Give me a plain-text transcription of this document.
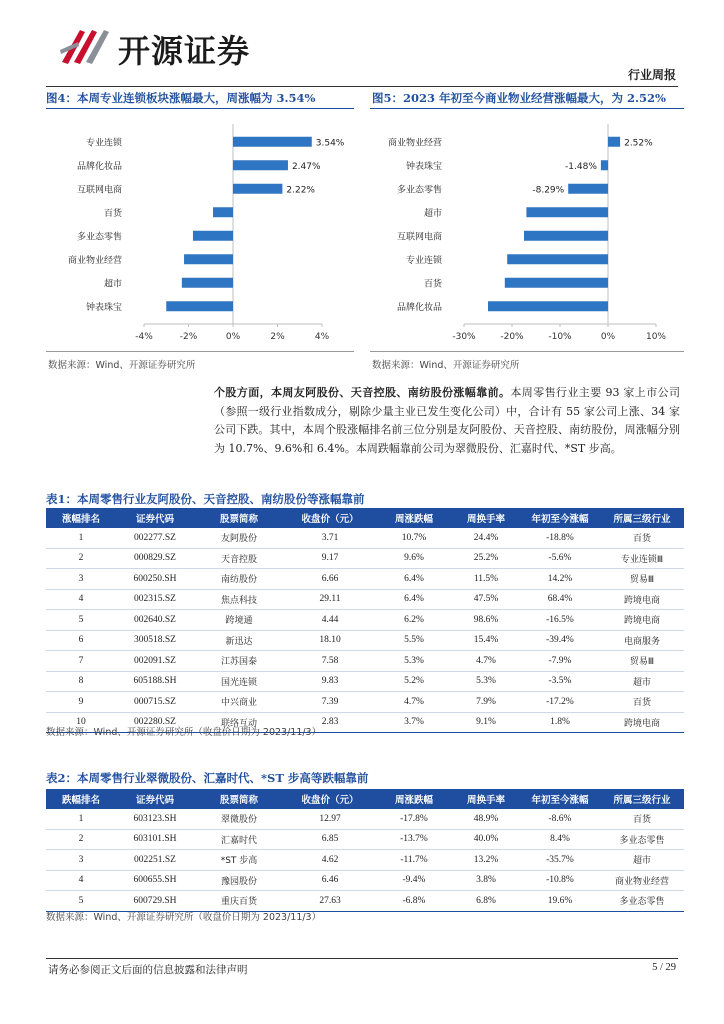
开源证券
行业周报
图4：本周专业连锁板块涨幅最大，周涨幅为 3.54%
-4%	-2%	0%	2%	4%
专业连锁	3.54%
品牌化妆品	2.47%
互联网电商	2.22%
百货
多业态零售
商业物业经营
超市
钟表珠宝
数据来源：Wind、开源证券研究所
图5：2023 年初至今商业物业经营涨幅最大，为 2.52%
-30%	-20%	-10%	0%	10%
商业物业经营	2.52%
钟表珠宝	-1.48%
多业态零售	-8.29%
超市
互联网电商
专业连锁
百货
品牌化妆品
数据来源：Wind、开源证券研究所
个股方面，本周友阿股份、天音控股、南纺股份涨幅靠前。本周零售行业主要 93 家上市公司（参照一级行业指数成分，剔除少量主业已发生变化公司）中，合计有 55 家公司上涨、34 家公司下跌。其中，本周个股涨幅排名前三位分别是友阿股份、天音控股、南纺股份，周涨幅分别为 10.7%、9.6%和 6.4%。本周跌幅靠前公司为翠微股份、汇嘉时代、*ST 步高。
表1：本周零售行业友阿股份、天音控股、南纺股份等涨幅靠前
涨幅排名	证券代码	股票简称	收盘价（元）	周涨跌幅	周换手率	年初至今涨幅	所属三级行业
1	002277.SZ	友阿股份	3.71	10.7%	24.4%	-18.8%	百货
2	000829.SZ	天音控股	9.17	9.6%	25.2%	-5.6%	专业连锁Ⅲ
3	600250.SH	南纺股份	6.66	6.4%	11.5%	14.2%	贸易Ⅲ
4	002315.SZ	焦点科技	29.11	6.4%	47.5%	68.4%	跨境电商
5	002640.SZ	跨境通	4.44	6.2%	98.6%	-16.5%	跨境电商
6	300518.SZ	新迅达	18.10	5.5%	15.4%	-39.4%	电商服务
7	002091.SZ	江苏国泰	7.58	5.3%	4.7%	-7.9%	贸易Ⅲ
8	605188.SH	国光连锁	9.83	5.2%	5.3%	-3.5%	超市
9	000715.SZ	中兴商业	7.39	4.7%	7.9%	-17.2%	百货
10	002280.SZ	联络互动	2.83	3.7%	9.1%	1.8%	跨境电商
数据来源：Wind、开源证券研究所（收盘价日期为 2023/11/3）
表2：本周零售行业翠微股份、汇嘉时代、*ST 步高等跌幅靠前
跌幅排名	证券代码	股票简称	收盘价（元）	周涨跌幅	周换手率	年初至今涨幅	所属三级行业
1	603123.SH	翠微股份	12.97	-17.8%	48.9%	-8.6%	百货
2	603101.SH	汇嘉时代	6.85	-13.7%	40.0%	8.4%	多业态零售
3	002251.SZ	*ST 步高	4.62	-11.7%	13.2%	-35.7%	超市
4	600655.SH	豫园股份	6.46	-9.4%	3.8%	-10.8%	商业物业经营
5	600729.SH	重庆百货	27.63	-6.8%	6.8%	19.6%	多业态零售
数据来源：Wind、开源证券研究所（收盘价日期为 2023/11/3）
请务必参阅正文后面的信息披露和法律声明	5 / 29
